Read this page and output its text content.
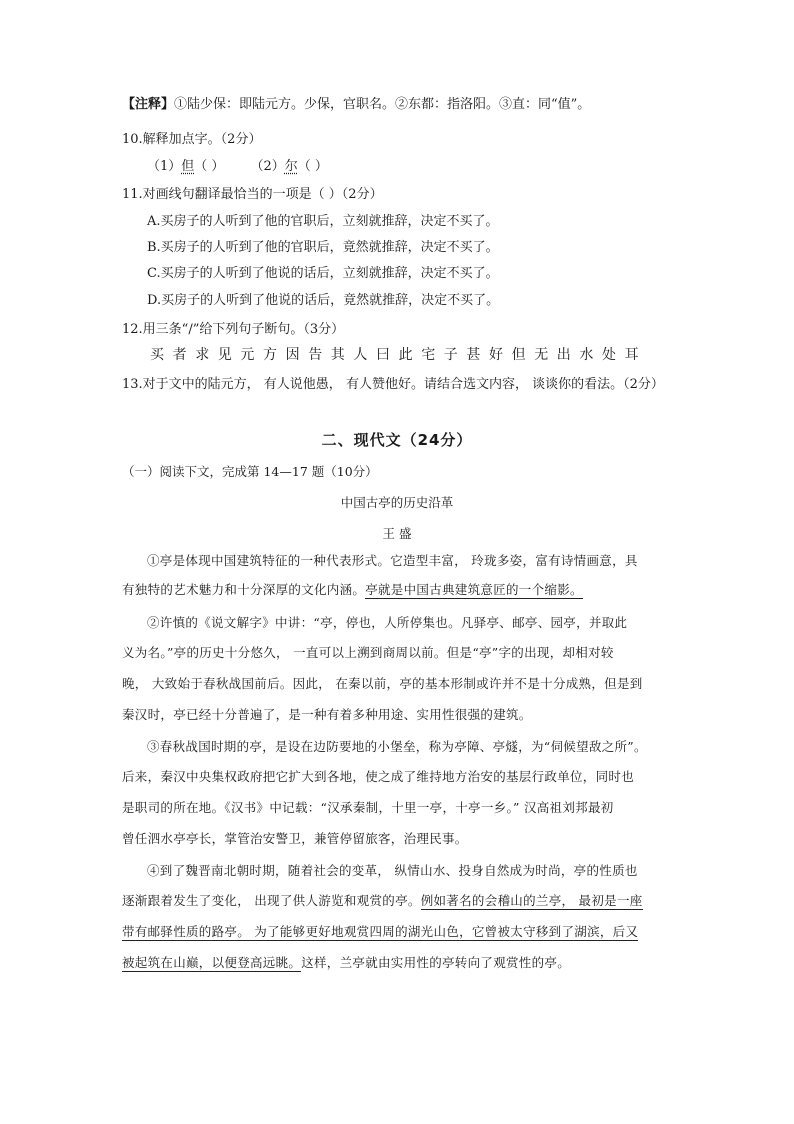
【注释】①陆少保：即陆元方。少保，官职名。②东都：指洛阳。③直：同“值”。
10.解释加点字。（2分）
（1）但（ ） （2）尔（ ）
11.对画线句翻译最恰当的一项是（ ）（2分）
A.买房子的人听到了他的官职后，立刻就推辞，决定不买了。
B.买房子的人听到了他的官职后，竟然就推辞，决定不买了。
C.买房子的人听到了他说的话后，立刻就推辞，决定不买了。
D.买房子的人听到了他说的话后，竟然就推辞，决定不买了。
12.用三条“/”给下列句子断句。（3分）
买者求见元方因告其人曰此宅子甚好但无出水处耳
13.对于文中的陆元方， 有人说他愚， 有人赞他好。请结合选文内容， 谈谈你的看法。（2分）
二、现代文（24分）
（一）阅读下文，完成第 14—17 题（10分）
中国古亭的历史沿革
王 盛
①亭是体现中国建筑特征的一种代表形式。它造型丰富， 玲珑多姿，富有诗情画意，具
有独特的艺术魅力和十分深厚的文化内涵。亭就是中国古典建筑意匠的一个缩影。
②许慎的《说文解字》中讲：“亭，停也，人所停集也。凡驿亭、邮亭、园亭，并取此
义为名。”亭的历史十分悠久， 一直可以上溯到商周以前。但是“亭”字的出现，却相对较
晚， 大致始于春秋战国前后。因此， 在秦以前，亭的基本形制或许并不是十分成熟，但是到
秦汉时，亭已经十分普遍了，是一种有着多种用途、实用性很强的建筑。
③春秋战国时期的亭，是设在边防要地的小堡垒，称为亭障、亭燧，为“伺候望敌之所”。
后来，秦汉中央集权政府把它扩大到各地，使之成了维持地方治安的基层行政单位，同时也
是职司的所在地。《汉书》中记载：“汉承秦制，十里一亭，十亭一乡。” 汉高祖刘邦最初
曾任泗水亭亭长，掌管治安警卫，兼管停留旅客，治理民事。
④到了魏晋南北朝时期，随着社会的变革， 纵情山水、投身自然成为时尚，亭的性质也
逐渐跟着发生了变化， 出现了供人游览和观赏的亭。例如著名的会稽山的兰亭， 最初是一座
带有邮驿性质的路亭。 为了能够更好地观赏四周的湖光山色，它曾被太守移到了湖滨，后又
被起筑在山巅，以便登高远眺。这样，兰亭就由实用性的亭转向了观赏性的亭。
